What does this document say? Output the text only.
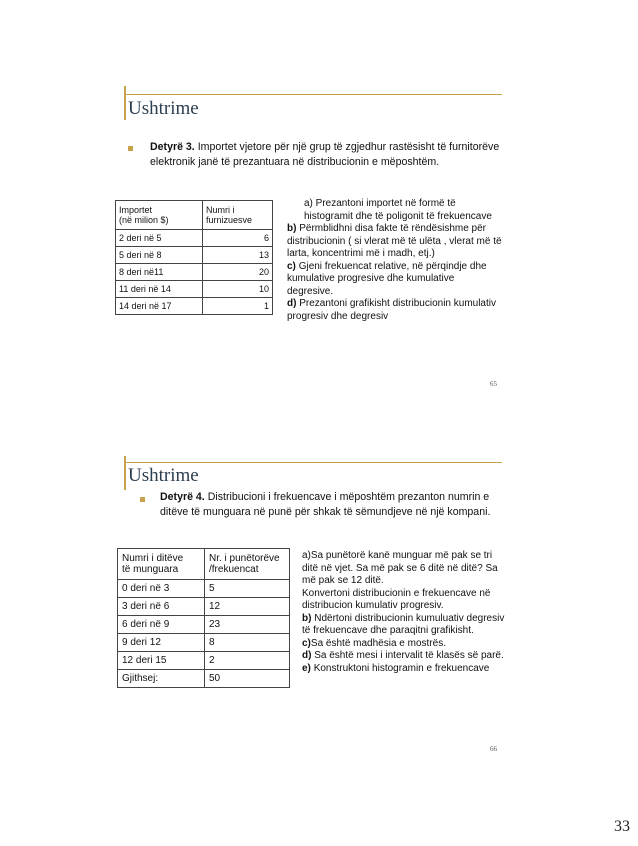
Ushtrime
Detyrë 3. Importet vjetore për një grup të zgjedhur rastësisht të furnitorëve
elektronik janë të prezantuara në distribucionin e mëposhtëm.
Importet
(në milion $)	Numri i
furnizuesve
2 deri në 5	6
5 deri në 8	13
8 deri në11	20
11 deri në 14	10
14 deri në 17	1
a) Prezantoni importet në formë të histogramit dhe të poligonit të frekuencave
b) Përmblidhni disa fakte të rëndësishme për distribucionin ( si vlerat më të ulëta , vlerat më të larta, koncentrimi më i madh, etj.)
c) Gjeni frekuencat relative, në përqindje dhe kumulative progresive dhe kumulative degresive.
d) Prezantoni grafikisht distribucionin kumulativ progresiv dhe degresiv
65
Ushtrime
Detyrë 4. Distribucioni i frekuencave i mëposhtëm prezanton numrin e
ditëve të munguara në punë për shkak të sëmundjeve në një kompani.
Numri i ditëve
të munguara	Nr. i punëtorëve
/frekuencat
0 deri në 3	5
3 deri në 6	12
6 deri në 9	23
9 deri 12	8
12 deri 15	2
Gjithsej:	50
a)Sa punëtorë kanë munguar më pak se tri ditë në vjet. Sa më pak se 6 ditë në ditë? Sa më pak se 12 ditë.
Konvertoni distribucionin e frekuencave në distribucion kumulativ progresiv.
b) Ndërtoni distribucionin kumuluativ degresiv të frekuencave dhe paraqitni grafikisht.
c)Sa është madhësia e mostrës.
d) Sa është mesi i intervalit të klasës së parë.
e) Konstruktoni histogramin e frekuencave
66
33
